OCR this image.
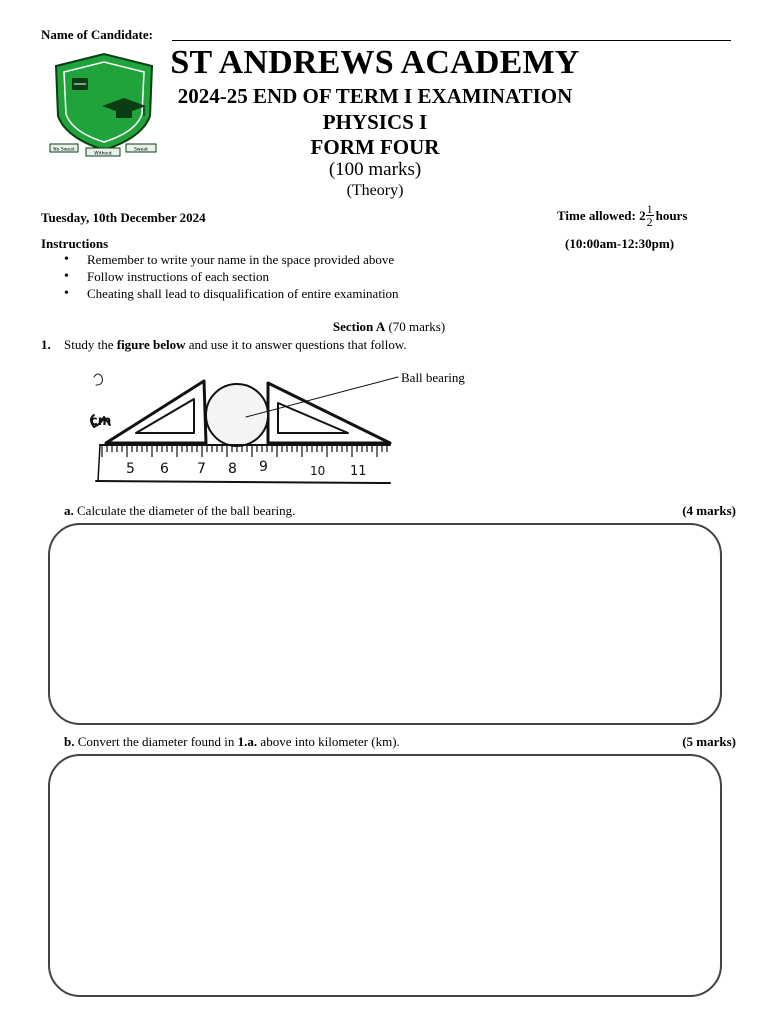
Name of Candidate:
St Andrews Academy
No Sweat
Without
Sweat
ST ANDREWS ACADEMY
2024-25 END OF TERM I EXAMINATION
PHYSICS I
FORM FOUR
(100 marks)
(Theory)
Tuesday, 10th December 2024	Time allowed: $2 \frac{1}{2}$ hours
Instructions	(10:00am-12:30pm)
• Remember to write your name in the space provided above
• Follow instructions of each section
• Cheating shall lead to disqualification of entire examination
Section A (70 marks)
1. Study the figure below and use it to answer questions that follow.
5 6 7 8 9	10 11
cm
Ball bearing
a. Calculate the diameter of the ball bearing.	(4 marks)
b. Convert the diameter found in 1.a. above into kilometer (km).	(5 marks)
